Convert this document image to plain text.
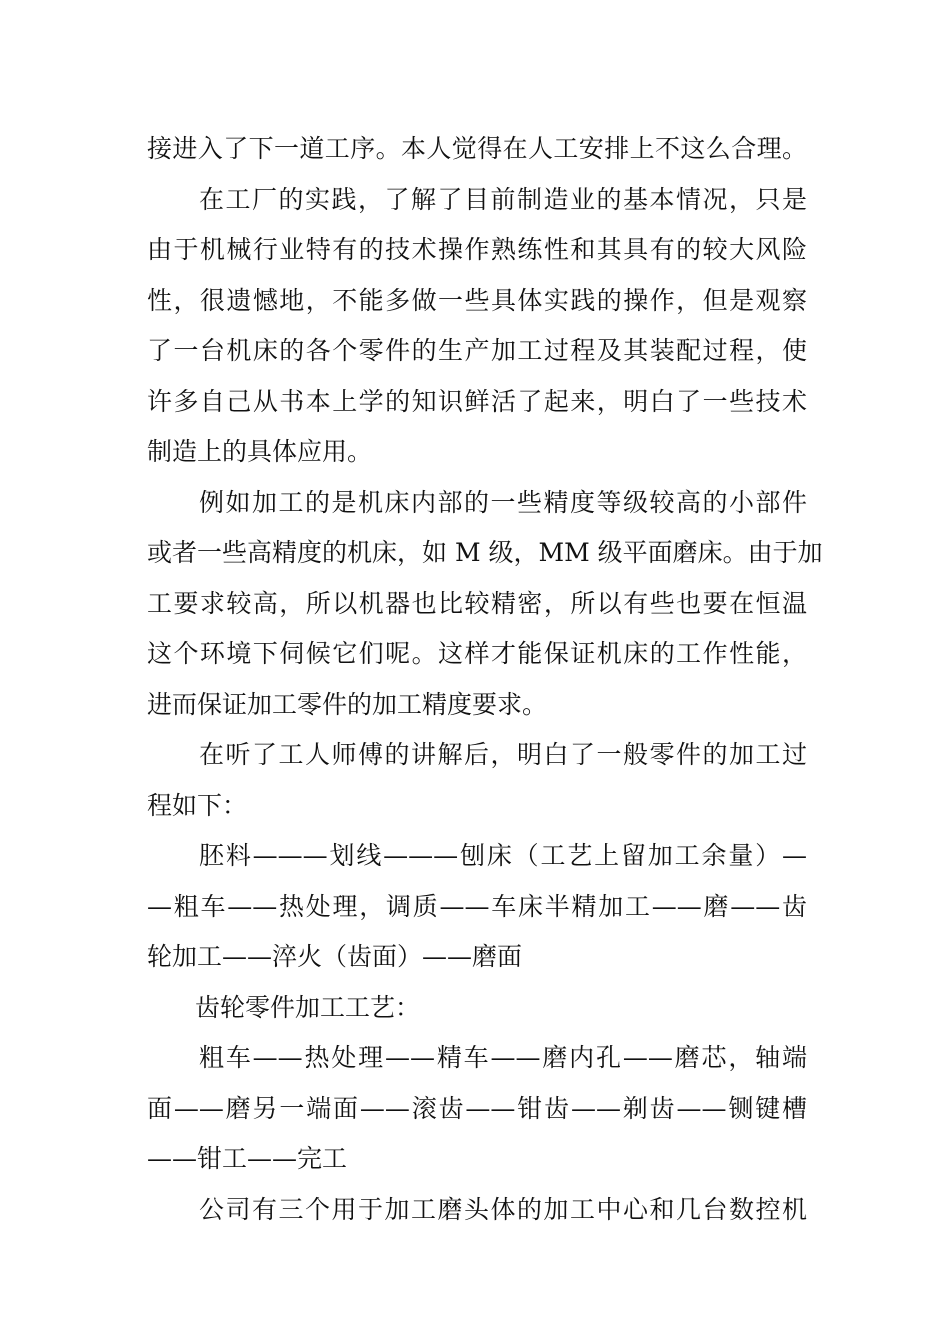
接进入了下一道工序。本人觉得在人工安排上不这么合理。
在工厂的实践，了解了目前制造业的基本情况，只是
由于机械行业特有的技术操作熟练性和其具有的较大风险
性，很遗憾地，不能多做一些具体实践的操作，但是观察
了一台机床的各个零件的生产加工过程及其装配过程，使
许多自己从书本上学的知识鲜活了起来，明白了一些技术
制造上的具体应用。
例如加工的是机床内部的一些精度等级较高的小部件
或者一些高精度的机床，如 M 级，MM 级平面磨床。由于加
工要求较高，所以机器也比较精密，所以有些也要在恒温
这个环境下伺候它们呢。这样才能保证机床的工作性能，
进而保证加工零件的加工精度要求。
在听了工人师傅的讲解后，明白了一般零件的加工过
程如下：
胚料———划线———刨床（工艺上留加工余量）—
—粗车——热处理，调质——车床半精加工——磨——齿
轮加工——淬火（齿面）——磨面
齿轮零件加工工艺：
粗车——热处理——精车——磨内孔——磨芯，轴端
面——磨另一端面——滚齿——钳齿——剃齿——铡键槽
——钳工——完工
公司有三个用于加工磨头体的加工中心和几台数控机
